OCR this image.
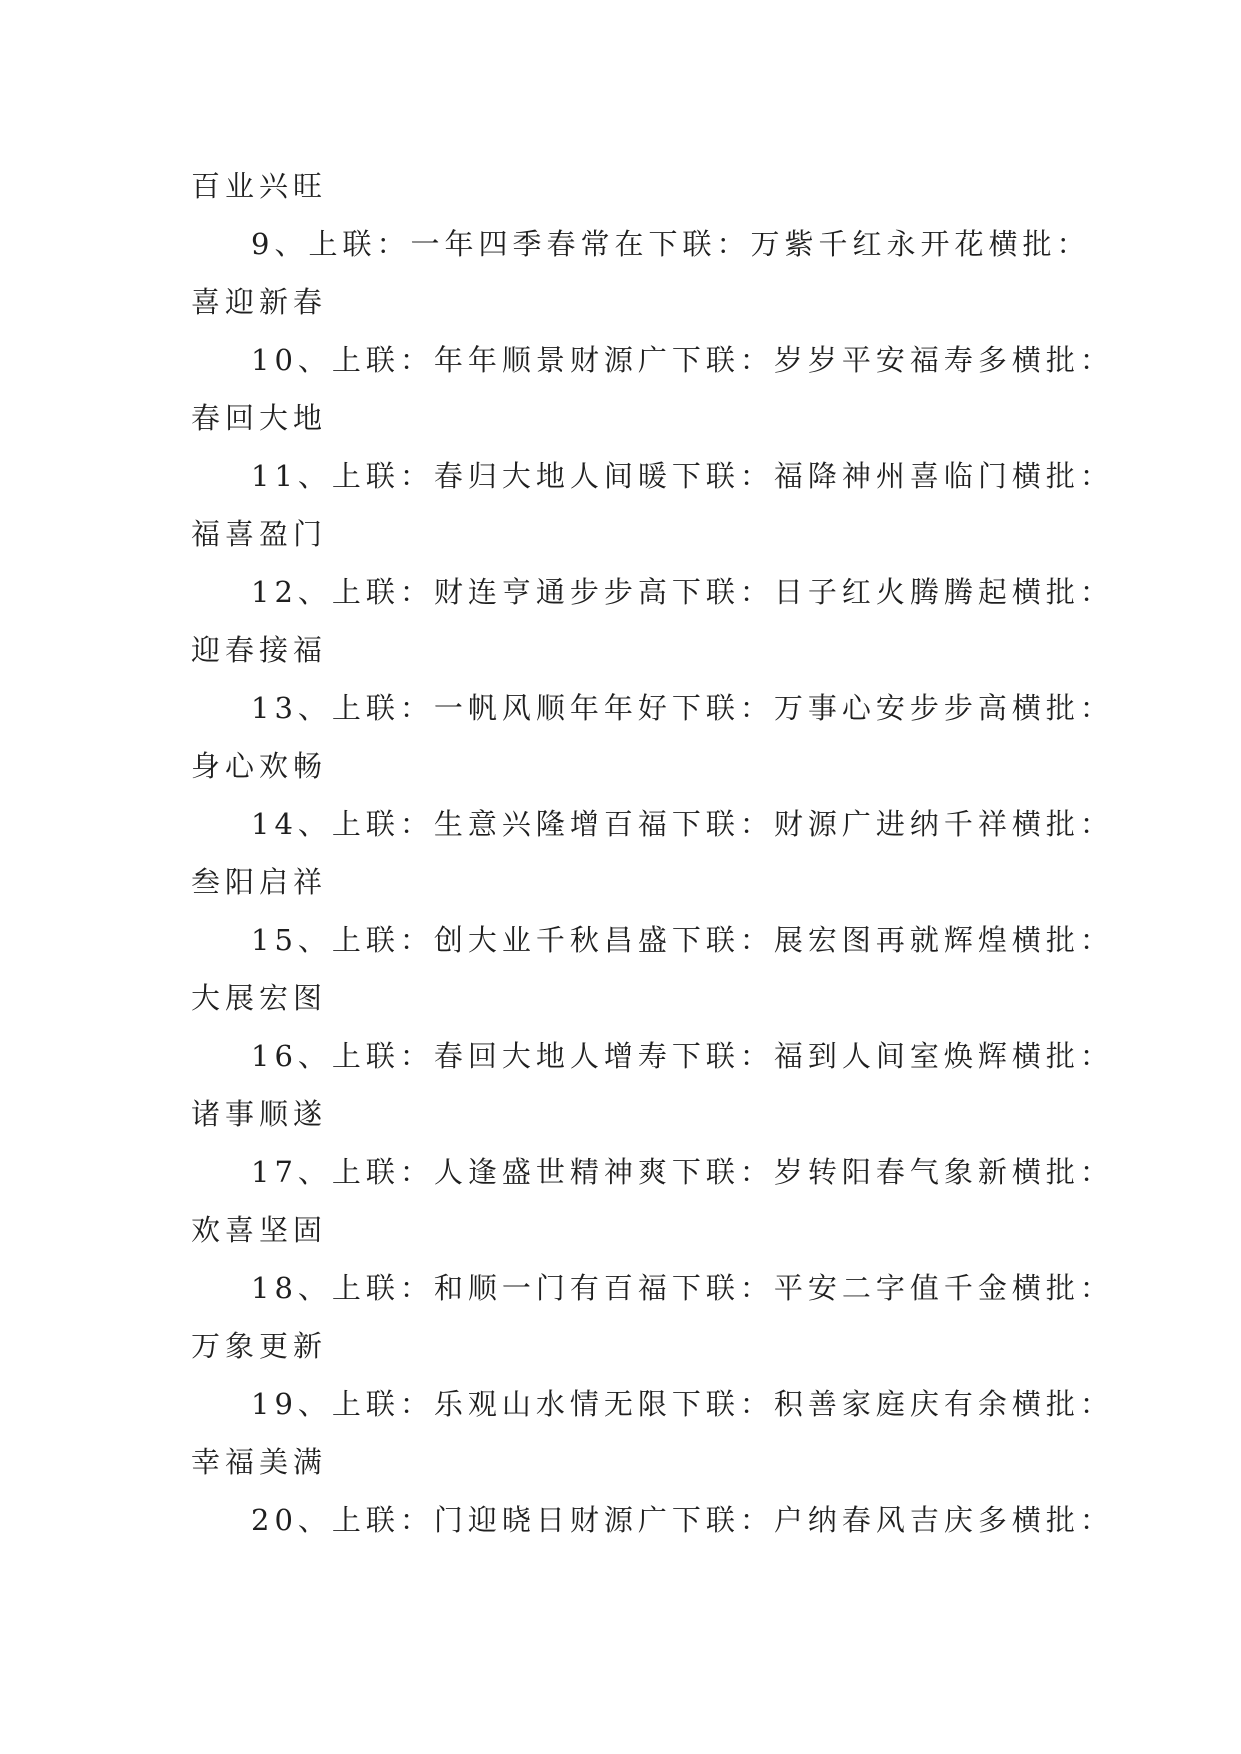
百业兴旺
9、上联：一年四季春常在下联：万紫千红永开花横批：
喜迎新春
10、上联：年年顺景财源广下联：岁岁平安福寿多横批：
春回大地
11、上联：春归大地人间暖下联：福降神州喜临门横批：
福喜盈门
12、上联：财连亨通步步高下联：日子红火腾腾起横批：
迎春接福
13、上联：一帆风顺年年好下联：万事心安步步高横批：
身心欢畅
14、上联：生意兴隆增百福下联：财源广进纳千祥横批：
叁阳启祥
15、上联：创大业千秋昌盛下联：展宏图再就辉煌横批：
大展宏图
16、上联：春回大地人增寿下联：福到人间室焕辉横批：
诸事顺遂
17、上联：人逢盛世精神爽下联：岁转阳春气象新横批：
欢喜坚固
18、上联：和顺一门有百福下联：平安二字值千金横批：
万象更新
19、上联：乐观山水情无限下联：积善家庭庆有余横批：
幸福美满
20、上联：门迎晓日财源广下联：户纳春风吉庆多横批：
